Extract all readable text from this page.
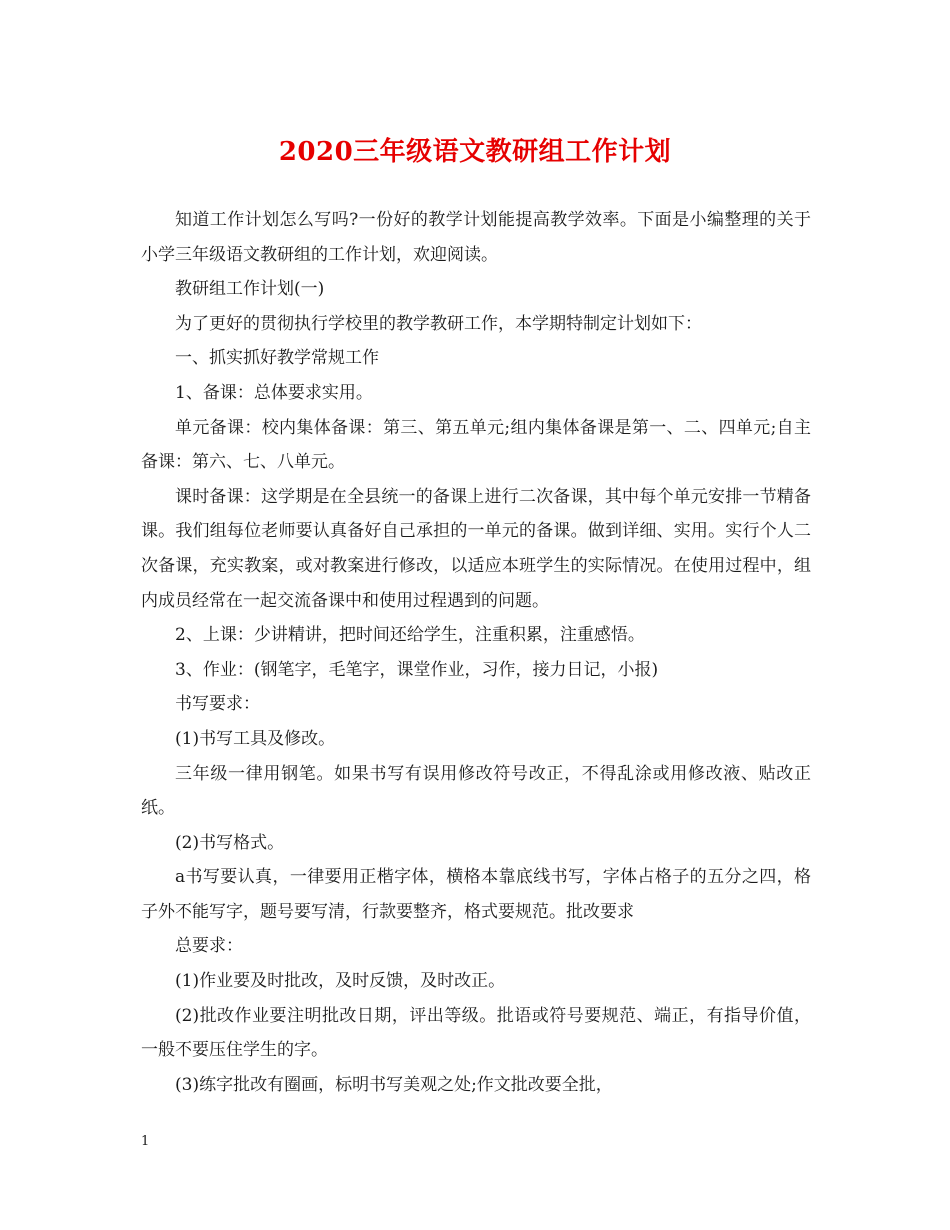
2020三年级语文教研组工作计划

知道工作计划怎么写吗?一份好的教学计划能提高教学效率。下面是小编整理的关于小学三年级语文教研组的工作计划，欢迎阅读。

教研组工作计划(一)

为了更好的贯彻执行学校里的教学教研工作，本学期特制定计划如下：

一、抓实抓好教学常规工作

1、备课：总体要求实用。

单元备课：校内集体备课：第三、第五单元;组内集体备课是第一、二、四单元;自主备课：第六、七、八单元。

课时备课：这学期是在全县统一的备课上进行二次备课，其中每个单元安排一节精备课。我们组每位老师要认真备好自己承担的一单元的备课。做到详细、实用。实行个人二次备课，充实教案，或对教案进行修改，以适应本班学生的实际情况。在使用过程中，组内成员经常在一起交流备课中和使用过程遇到的问题。

2、上课：少讲精讲，把时间还给学生，注重积累，注重感悟。

3、作业：(钢笔字，毛笔字，课堂作业，习作，接力日记，小报)

书写要求：

(1)书写工具及修改。

三年级一律用钢笔。如果书写有误用修改符号改正，不得乱涂或用修改液、贴改正纸。

(2)书写格式。

a书写要认真，一律要用正楷字体，横格本靠底线书写，字体占格子的五分之四，格子外不能写字，题号要写清，行款要整齐，格式要规范。批改要求

总要求：

(1)作业要及时批改，及时反馈，及时改正。

(2)批改作业要注明批改日期，评出等级。批语或符号要规范、端正，有指导价值，一般不要压住学生的字。

(3)练字批改有圈画，标明书写美观之处;作文批改要全批，

1
